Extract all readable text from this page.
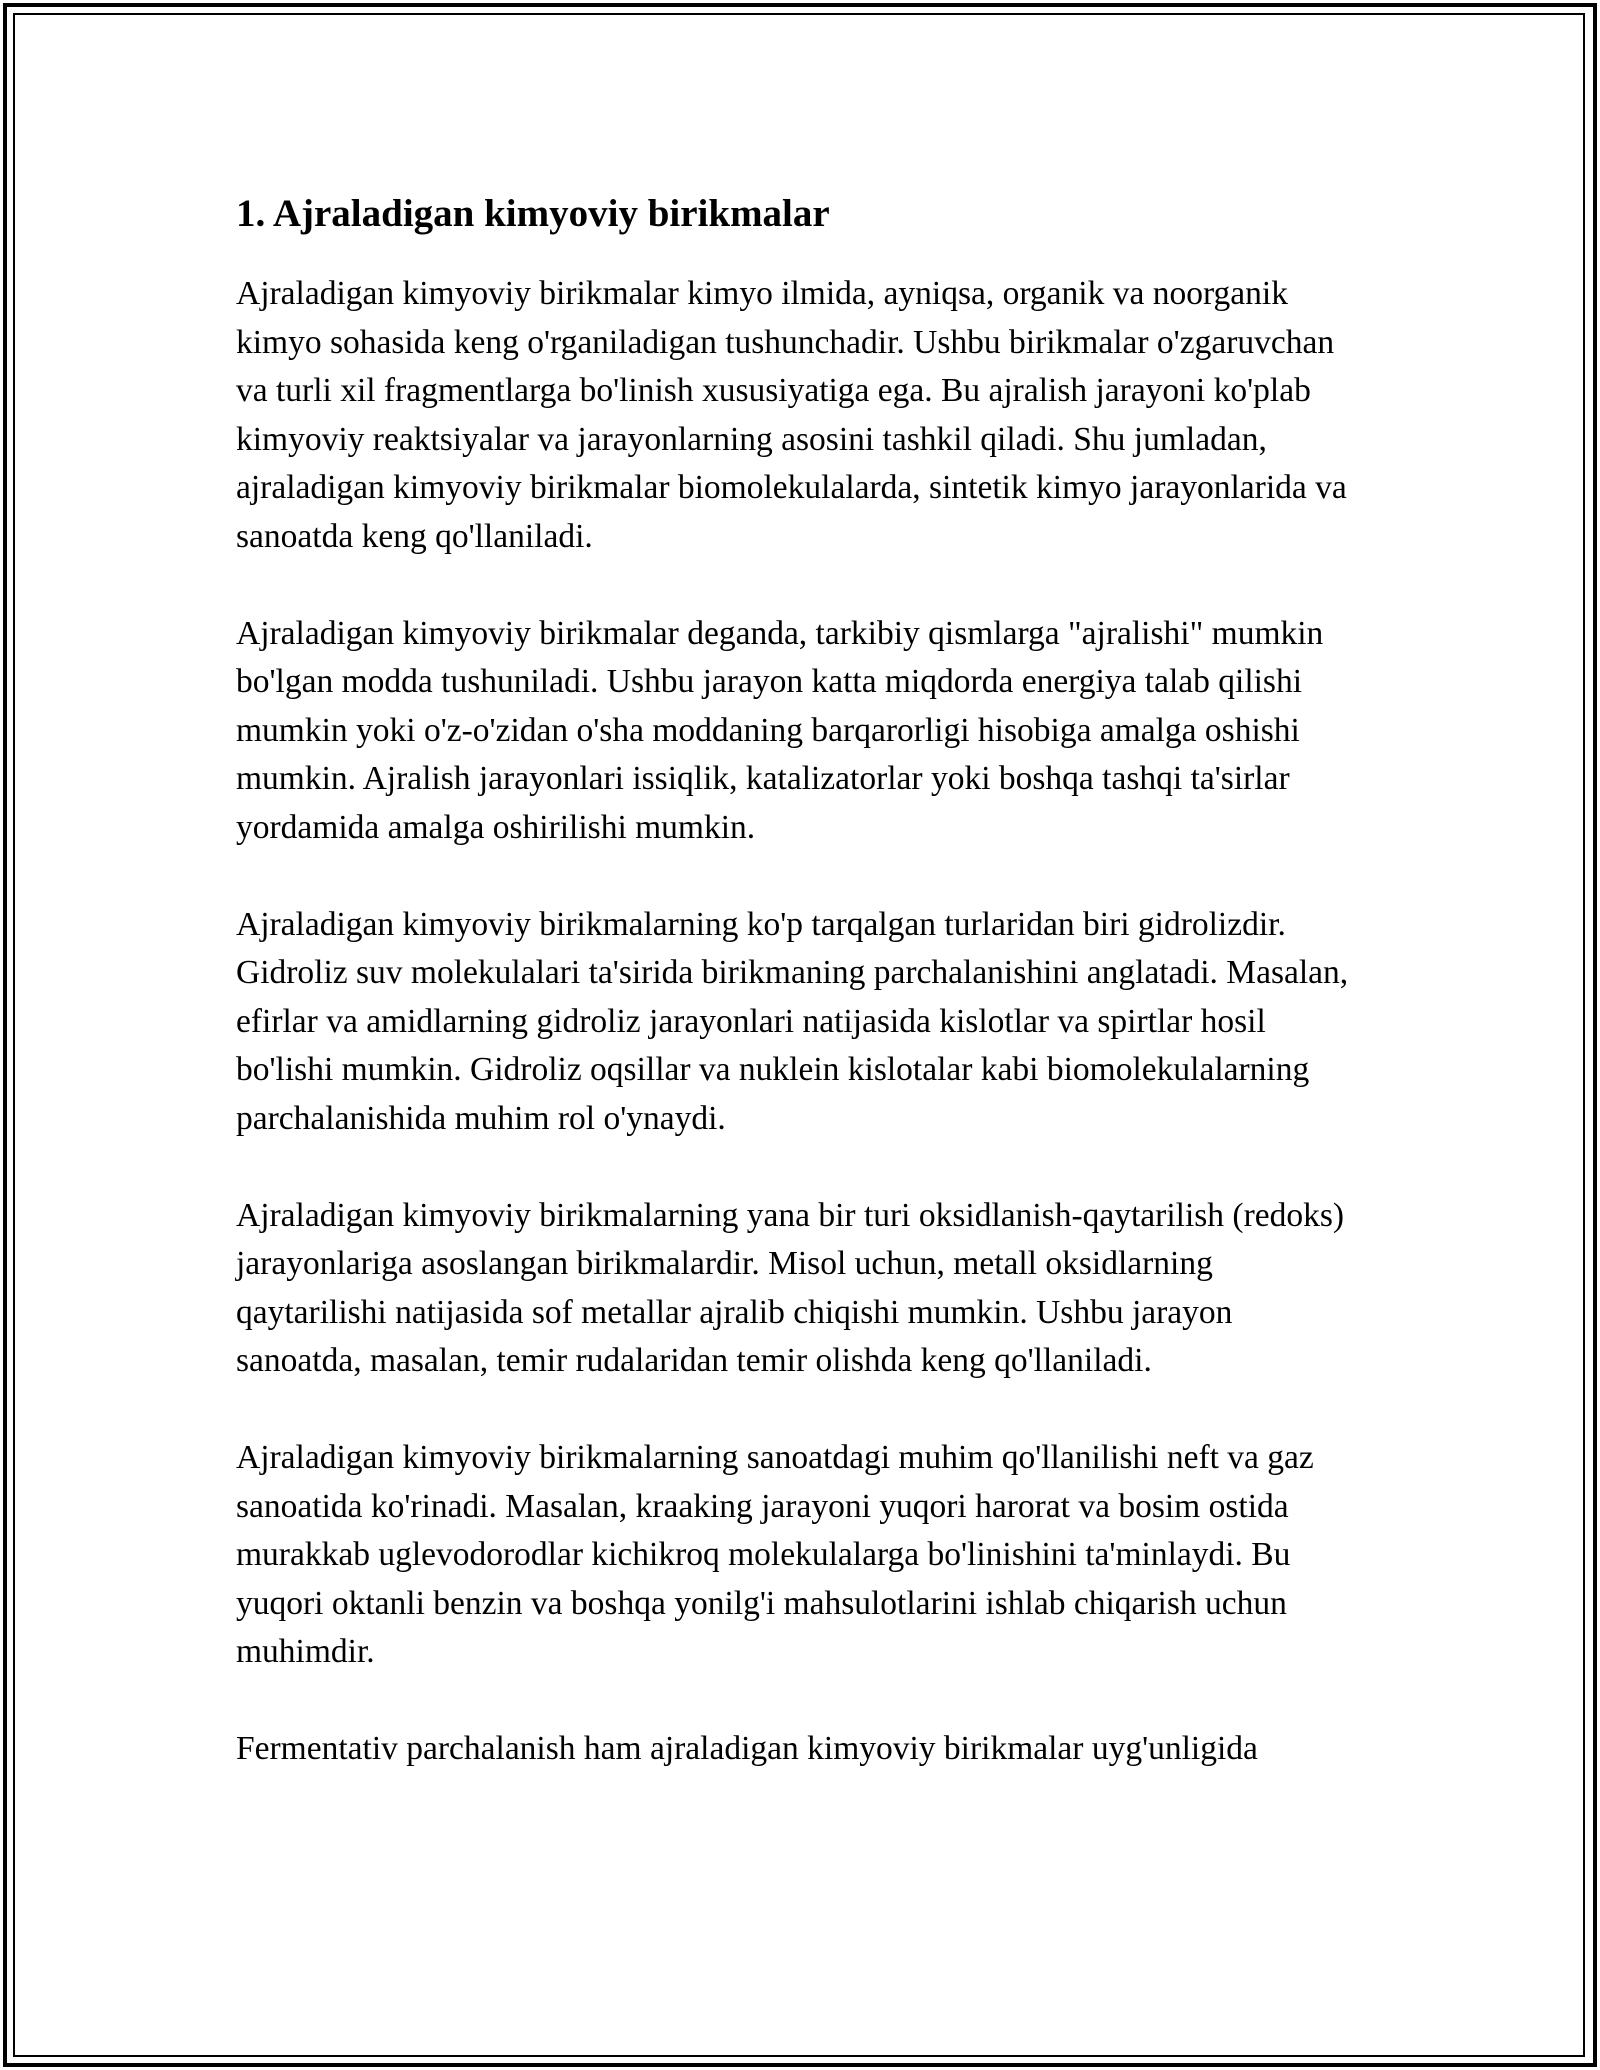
1. Ajraladigan kimyoviy birikmalar

Ajraladigan kimyoviy birikmalar kimyo ilmida, ayniqsa, organik va noorganik kimyo sohasida keng o'rganiladigan tushunchadir. Ushbu birikmalar o'zgaruvchan va turli xil fragmentlarga bo'linish xususiyatiga ega. Bu ajralish jarayoni ko'plab kimyoviy reaktsiyalar va jarayonlarning asosini tashkil qiladi. Shu jumladan, ajraladigan kimyoviy birikmalar biomolekulalarda, sintetik kimyo jarayonlarida va sanoatda keng qo'llaniladi.

Ajraladigan kimyoviy birikmalar deganda, tarkibiy qismlarga "ajralishi" mumkin bo'lgan modda tushuniladi. Ushbu jarayon katta miqdorda energiya talab qilishi mumkin yoki o'z-o'zidan o'sha moddaning barqarorligi hisobiga amalga oshishi mumkin. Ajralish jarayonlari issiqlik, katalizatorlar yoki boshqa tashqi ta'sirlar yordamida amalga oshirilishi mumkin.

Ajraladigan kimyoviy birikmalarning ko'p tarqalgan turlaridan biri gidrolizdir. Gidroliz suv molekulalari ta'sirida birikmaning parchalanishini anglatadi. Masalan, efirlar va amidlarning gidroliz jarayonlari natijasida kislotlar va spirtlar hosil bo'lishi mumkin. Gidroliz oqsillar va nuklein kislotalar kabi biomolekulalarning parchalanishida muhim rol o'ynaydi.

Ajraladigan kimyoviy birikmalarning yana bir turi oksidlanish-qaytarilish (redoks) jarayonlariga asoslangan birikmalardir. Misol uchun, metall oksidlarning qaytarilishi natijasida sof metallar ajralib chiqishi mumkin. Ushbu jarayon sanoatda, masalan, temir rudalaridan temir olishda keng qo'llaniladi.

Ajraladigan kimyoviy birikmalarning sanoatdagi muhim qo'llanilishi neft va gaz sanoatida ko'rinadi. Masalan, kraaking jarayoni yuqori harorat va bosim ostida murakkab uglevodorodlar kichikroq molekulalarga bo'linishini ta'minlaydi. Bu yuqori oktanli benzin va boshqa yonilg'i mahsulotlarini ishlab chiqarish uchun muhimdir.

Fermentativ parchalanish ham ajraladigan kimyoviy birikmalar uyg'unligida
